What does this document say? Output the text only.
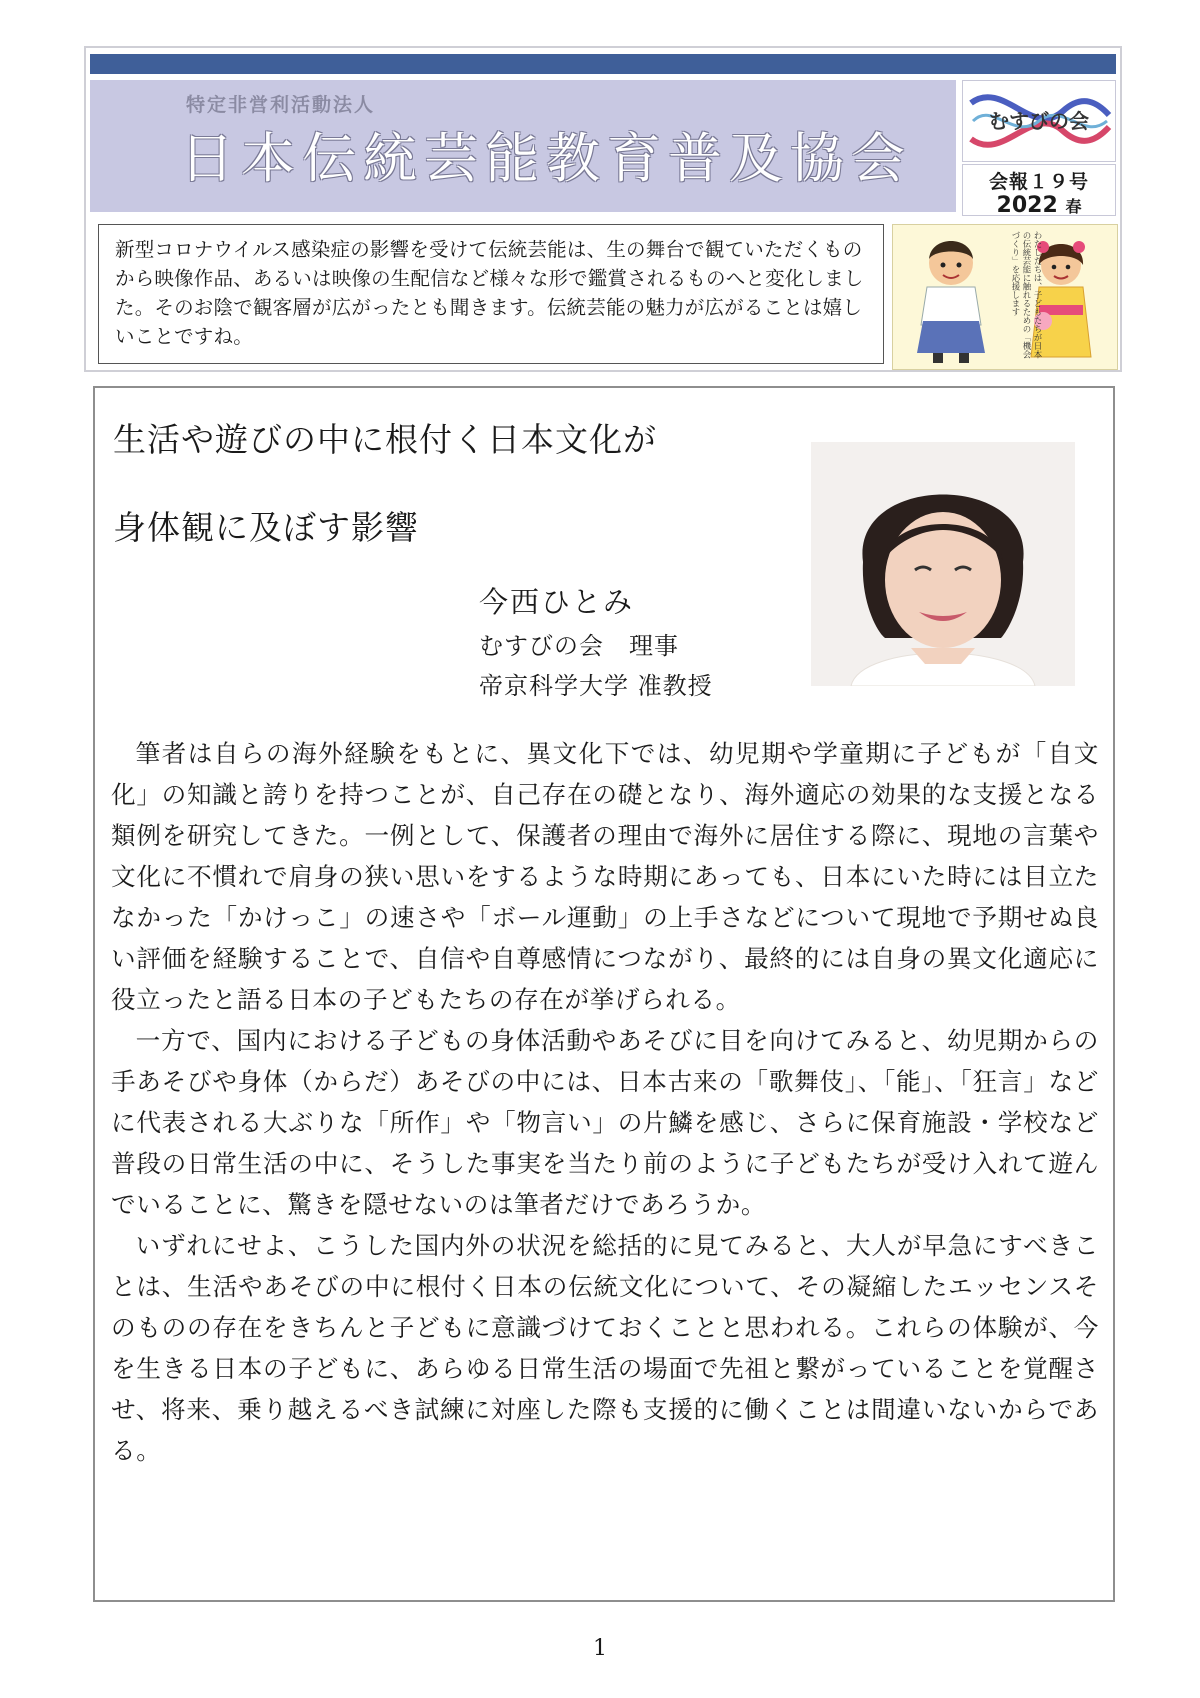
特定非営利活動法人
日本伝統芸能教育普及協会
むすびの会
会報１９号
2022 春
新型コロナウイルス感染症の影響を受けて伝統芸能は、生の舞台で観ていただくものから映像作品、あるいは映像の生配信など様々な形で鑑賞されるものへと変化しました。そのお陰で観客層が広がったとも聞きます。伝統芸能の魅力が広がることは嬉しいことですね。	わたしたちは、子どもたちが日本の伝統芸能に触れるための「機会づくり」を応援します
生活や遊びの中に根付く日本文化が
身体観に及ぼす影響
今西ひとみ
むすびの会　理事
帝京科学大学 准教授

筆者は自らの海外経験をもとに、異文化下では、幼児期や学童期に子どもが「自文化」の知識と誇りを持つことが、自己存在の礎となり、海外適応の効果的な支援となる類例を研究してきた。一例として、保護者の理由で海外に居住する際に、現地の言葉や文化に不慣れで肩身の狭い思いをするような時期にあっても、日本にいた時には目立たなかった「かけっこ」の速さや「ボール運動」の上手さなどについて現地で予期せぬ良い評価を経験することで、自信や自尊感情につながり、最終的には自身の異文化適応に役立ったと語る日本の子どもたちの存在が挙げられる。

一方で、国内における子どもの身体活動やあそびに目を向けてみると、幼児期からの手あそびや身体（からだ）あそびの中には、日本古来の「歌舞伎」、「能」、「狂言」などに代表される大ぶりな「所作」や「物言い」の片鱗を感じ、さらに保育施設・学校など普段の日常生活の中に、そうした事実を当たり前のように子どもたちが受け入れて遊んでいることに、驚きを隠せないのは筆者だけであろうか。

いずれにせよ、こうした国内外の状況を総括的に見てみると、大人が早急にすべきことは、生活やあそびの中に根付く日本の伝統文化について、その凝縮したエッセンスそのものの存在をきちんと子どもに意識づけておくことと思われる。これらの体験が、今を生きる日本の子どもに、あらゆる日常生活の場面で先祖と繋がっていることを覚醒させ、将来、乗り越えるべき試練に対座した際も支援的に働くことは間違いないからである。

1
